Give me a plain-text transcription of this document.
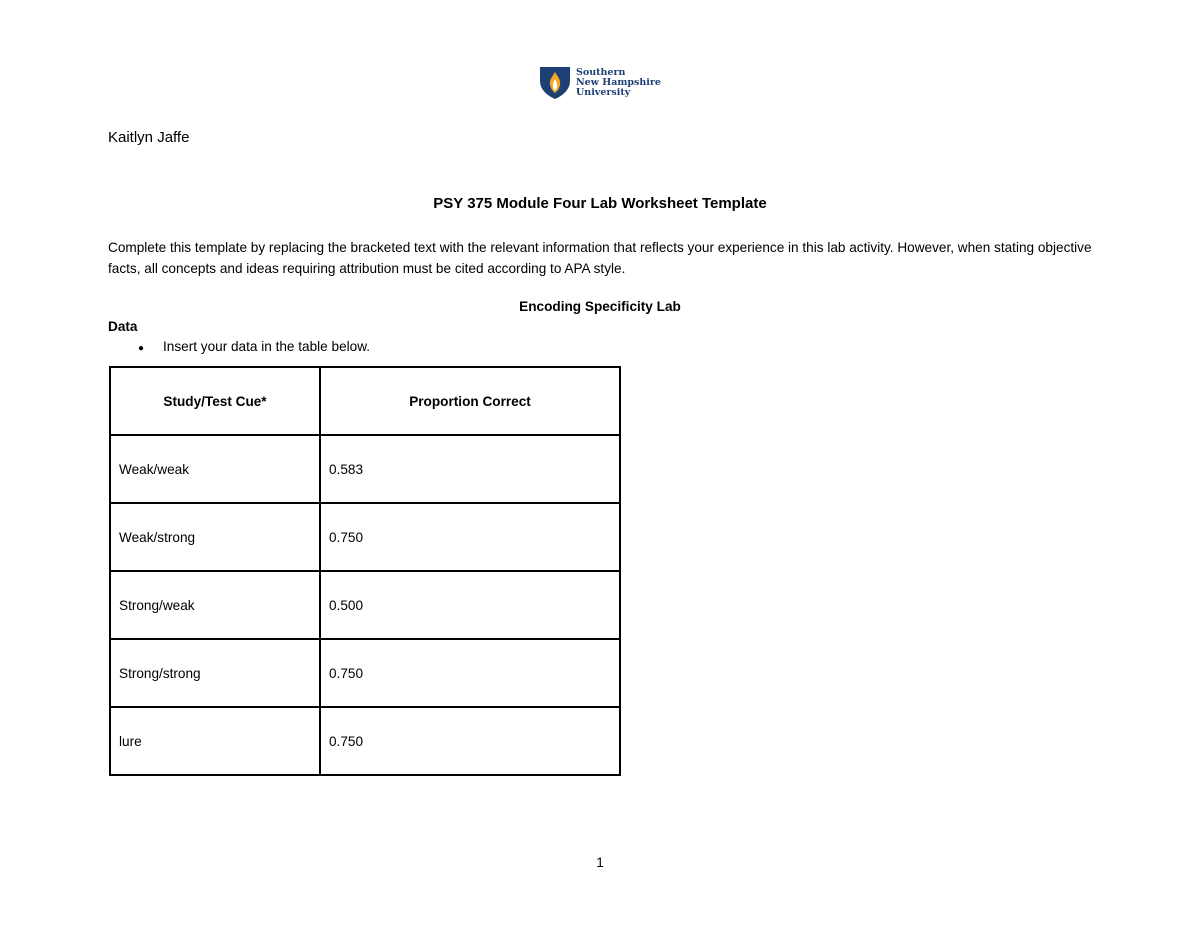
Southern
New Hampshire
University
Kaitlyn Jaffe
PSY 375 Module Four Lab Worksheet Template
Complete this template by replacing the bracketed text with the relevant information that reflects your experience in this lab activity. However, when stating objective facts, all concepts and ideas requiring attribution must be cited according to APA style.
Encoding Specificity Lab
Data
●	Insert your data in the table below.
Study/Test Cue*	Proportion Correct
Weak/weak	0.583
Weak/strong	0.750
Strong/weak	0.500
Strong/strong	0.750
lure	0.750
1
